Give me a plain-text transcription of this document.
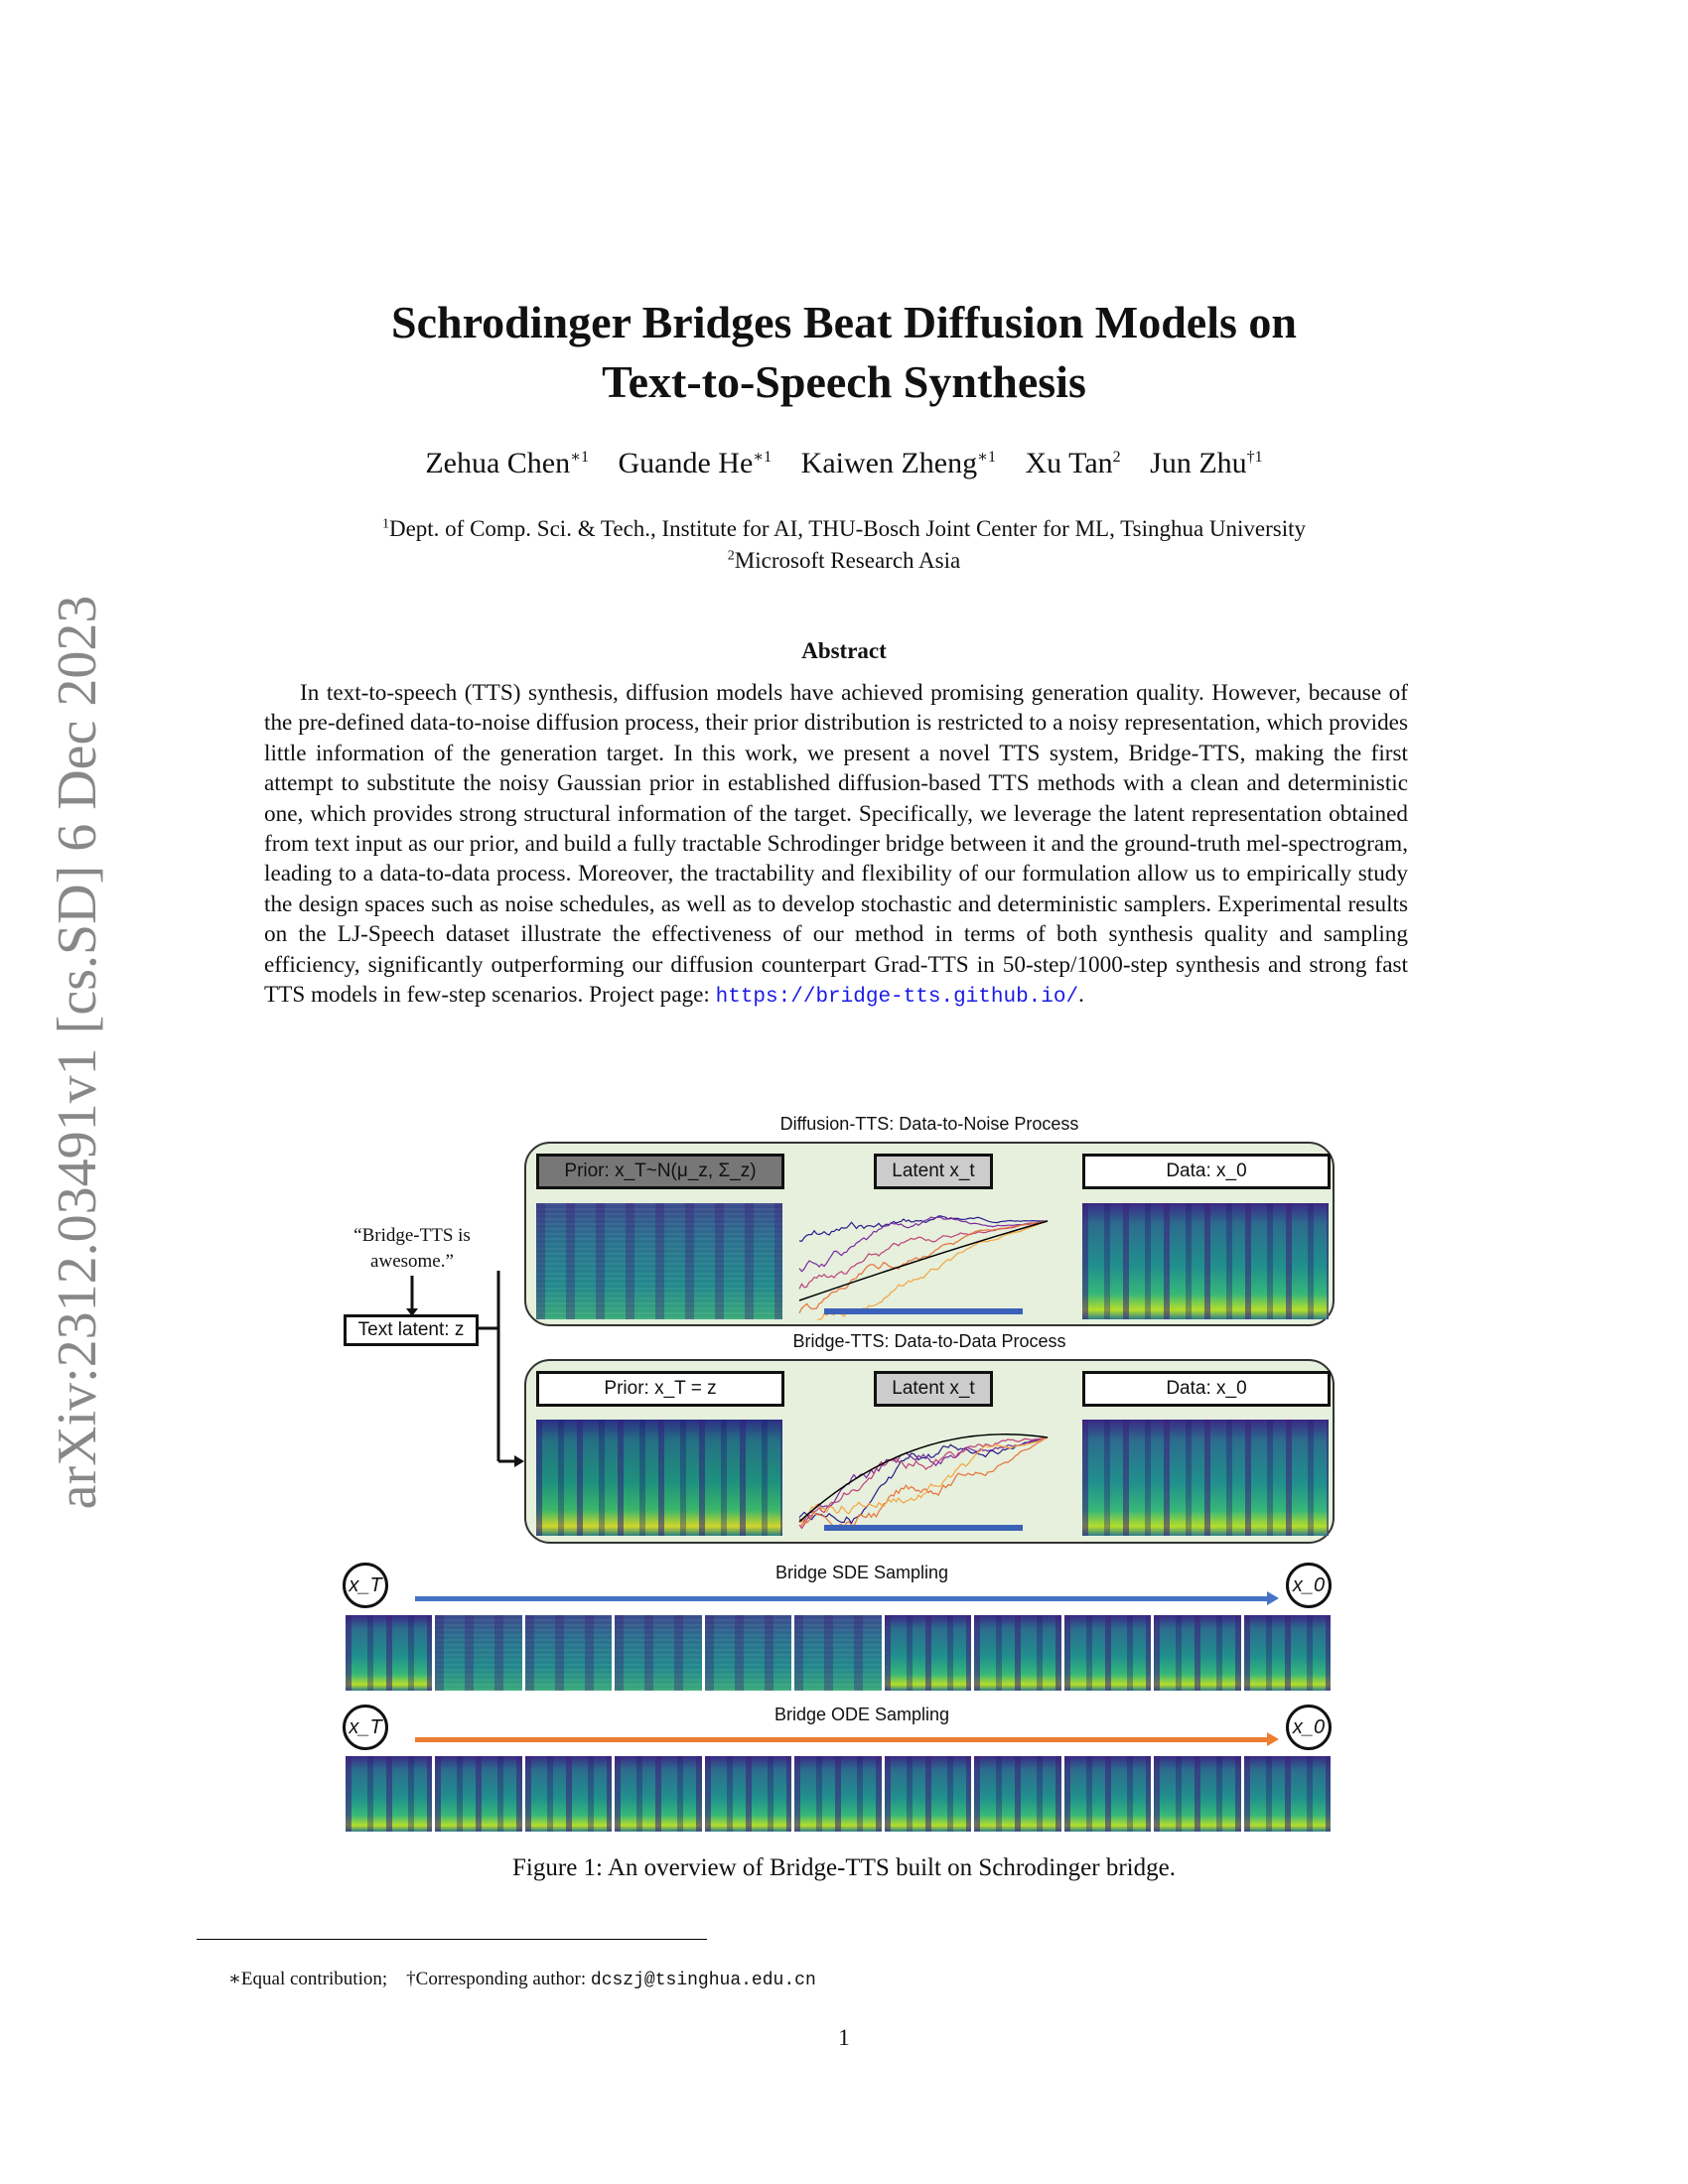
arXiv:2312.03491v1 [cs.SD] 6 Dec 2023
Schrodinger Bridges Beat Diffusion Models on
Text-to-Speech Synthesis
Zehua Chen$^{∗1}$ Guande $He^{∗1}$ Kaiwen Zheng$^{∗1}$ Xu Tan$^2$ Jun Zhu$^{\dagger 1}$
$^1$Dept. of Comp. Sci. & Tech., Institute for AI, THU-Bosch Joint Center for ML, Tsinghua University
$^2$Microsoft Research Asia
Abstract
In text-to-speech (TTS) synthesis, diffusion models have achieved promising generation quality. However, because of the pre-defined data-to-noise diffusion process, their prior distribution is restricted to a noisy representation, which provides little information of the generation target. In this work, we present a novel TTS system, Bridge-TTS, making the first attempt to substitute the noisy Gaussian prior in established diffusion-based TTS methods with a clean and deterministic one, which provides strong structural information of the target. Specifically, we leverage the latent representation obtained from text input as our prior, and build a fully tractable Schrodinger bridge between it and the ground-truth mel-spectrogram, leading to a data-to-data process. Moreover, the tractability and flexibility of our formulation allow us to empirically study the design spaces such as noise schedules, as well as to develop stochastic and deterministic samplers. Experimental results on the LJ-Speech dataset illustrate the effectiveness of our method in terms of both synthesis quality and sampling efficiency, significantly outperforming our diffusion counterpart Grad-TTS in 50-step/1000-step synthesis and strong fast TTS models in few-step scenarios. Project page: https://bridge-tts.github.io/.
Diffusion-TTS: Data-to-Noise Process
Prior: x_T~N(μ_z, Σ_z)	Latent x_t	Data: x_0
Bridge-TTS: Data-to-Data Process
Prior: x_T = z	Latent x_t	Data: x_0
“Bridge-TTS is awesome.”
Text latent: z
x_T	x_0
Bridge SDE Sampling
x_T	x_0
Bridge ODE Sampling
Figure 1: An overview of Bridge-TTS built on Schrodinger bridge.
∗Equal contribution; †Corresponding author: dcszj@tsinghua.edu.cn
1
